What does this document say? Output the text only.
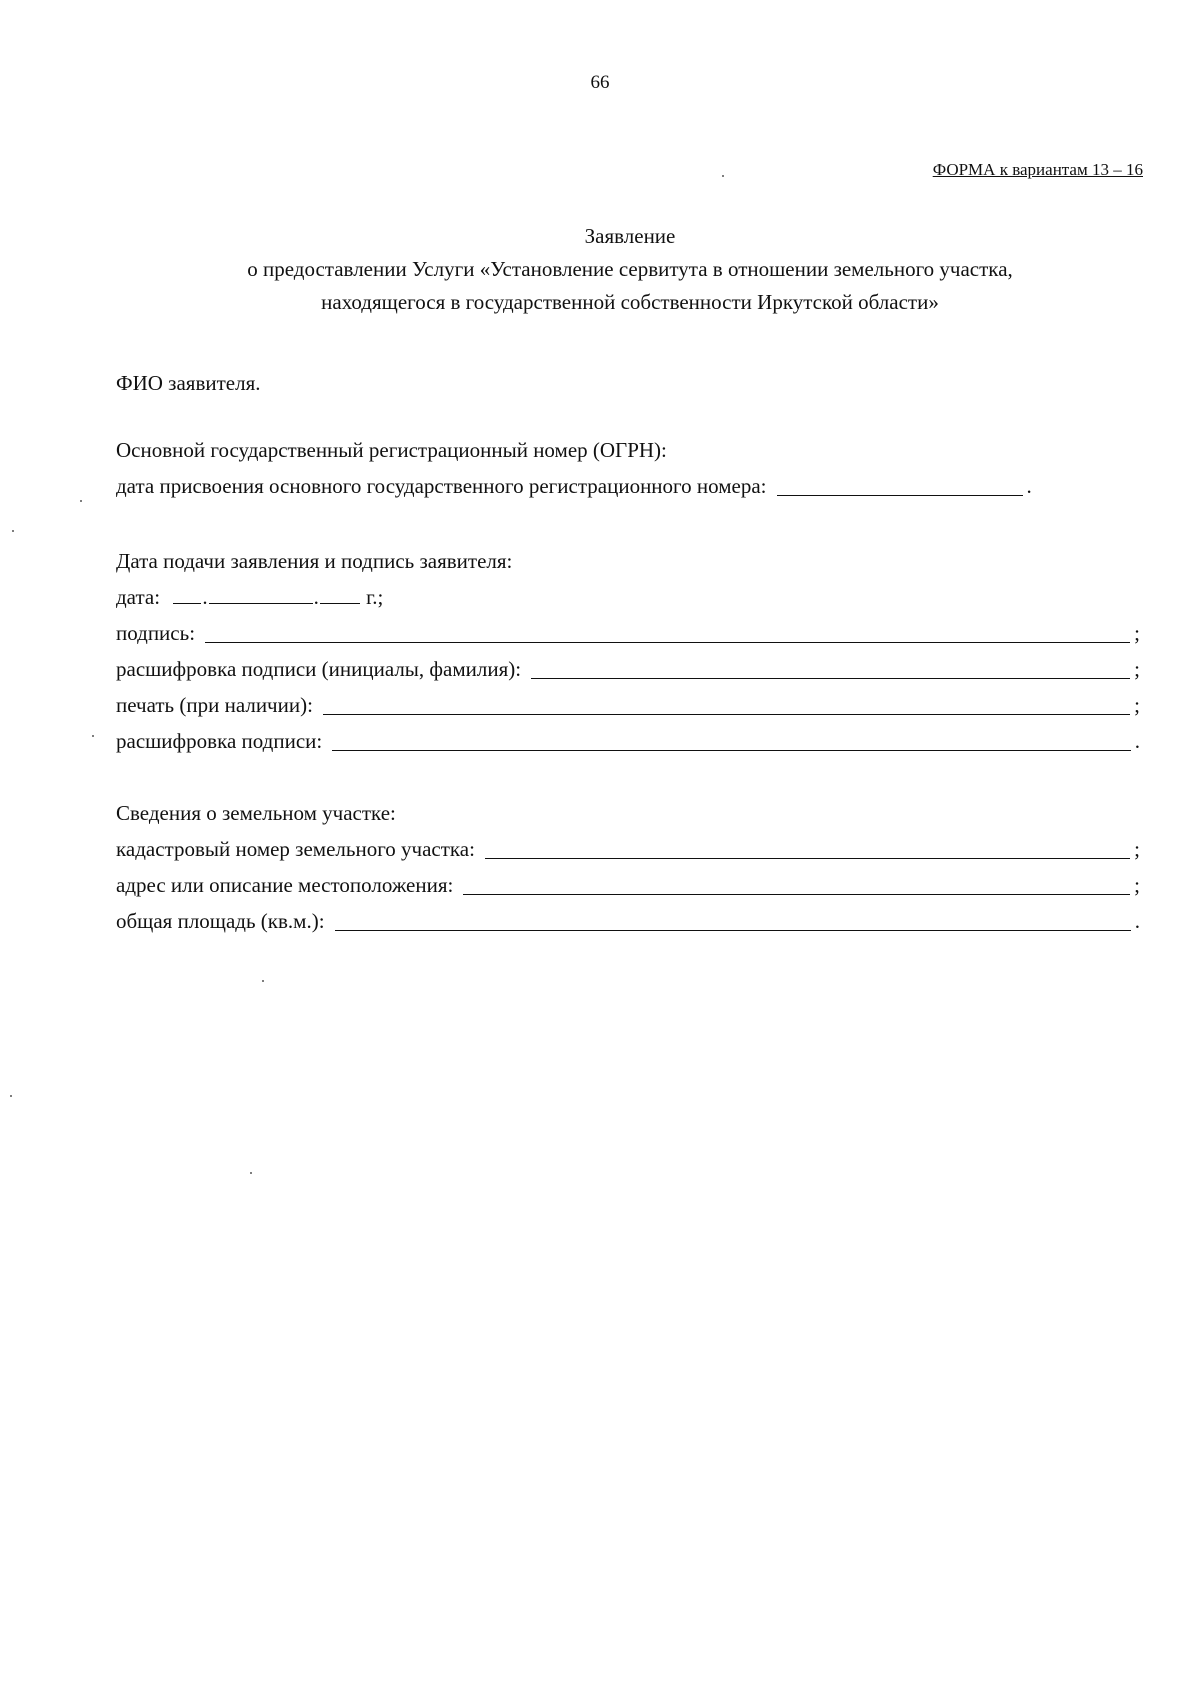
66
ФОРМА к вариантам 13 – 16
Заявление
о предоставлении Услуги «Установление сервитута в отношении земельного участка,
находящегося в государственной собственности Иркутской области»
ФИО заявителя.
Основной государственный регистрационный номер (ОГРН):
дата присвоения основного государственного регистрационного номера:	.
Дата подачи заявления и подпись заявителя:
дата: .	. г.;
подпись:	;
расшифровка подписи (инициалы, фамилия):	;
печать (при наличии):	;
расшифровка подписи:	.
Сведения о земельном участке:
кадастровый номер земельного участка:	;
адрес или описание местоположения:	;
общая площадь (кв.м.):	.
